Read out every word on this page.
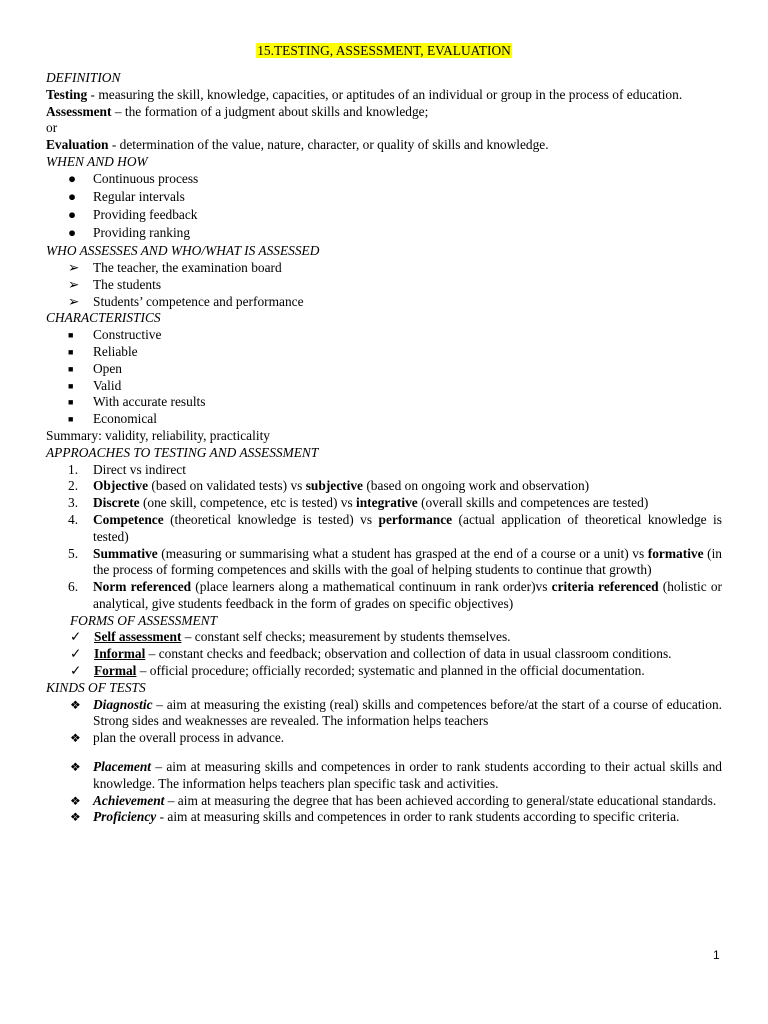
15.TESTING, ASSESSMENT, EVALUATION

DEFINITION

Testing - measuring the skill, knowledge, capacities, or aptitudes of an individual or group in the process of education.

Assessment – the formation of a judgment about skills and knowledge;

or

Evaluation - determination of the value, nature, character, or quality of skills and knowledge.

WHEN AND HOW

● Continuous process
● Regular intervals
● Providing feedback
● Providing ranking

WHO ASSESSES AND WHO/WHAT IS ASSESSED

➢ The teacher, the examination board
➢ The students
➢ Students’ competence and performance

CHARACTERISTICS

■ Constructive
■ Reliable
■ Open
■ Valid
■ With accurate results
■ Economical

Summary: validity, reliability, practicality

APPROACHES TO TESTING AND ASSESSMENT

1. Direct vs indirect
2. Objective (based on validated tests) vs subjective (based on ongoing work and observation)
3. Discrete (one skill, competence, etc is tested) vs integrative (overall skills and competences are tested)
4. Competence (theoretical knowledge is tested) vs performance (actual application of theoretical knowledge is tested)
5. Summative (measuring or summarising what a student has grasped at the end of a course or a unit) vs formative (in the process of forming competences and skills with the goal of helping students to continue that growth)
6. Norm referenced (place learners along a mathematical continuum in rank order)vs criteria referenced (holistic or analytical, give students feedback in the form of grades on specific objectives)

FORMS OF ASSESSMENT

✓ Self assessment – constant self checks; measurement by students themselves.
✓ Informal – constant checks and feedback; observation and collection of data in usual classroom conditions.
✓ Formal – official procedure; officially recorded; systematic and planned in the official documentation.

KINDS OF TESTS

❖ Diagnostic – aim at measuring the existing (real) skills and competences before/at the start of a course of education. Strong sides and weaknesses are revealed. The information helps teachers
❖ plan the overall process in advance.
❖ Placement – aim at measuring skills and competences in order to rank students according to their actual skills and knowledge. The information helps teachers plan specific task and activities.
❖ Achievement – aim at measuring the degree that has been achieved according to general/state educational standards.
❖ Proficiency - aim at measuring skills and competences in order to rank students according to specific criteria.
1
